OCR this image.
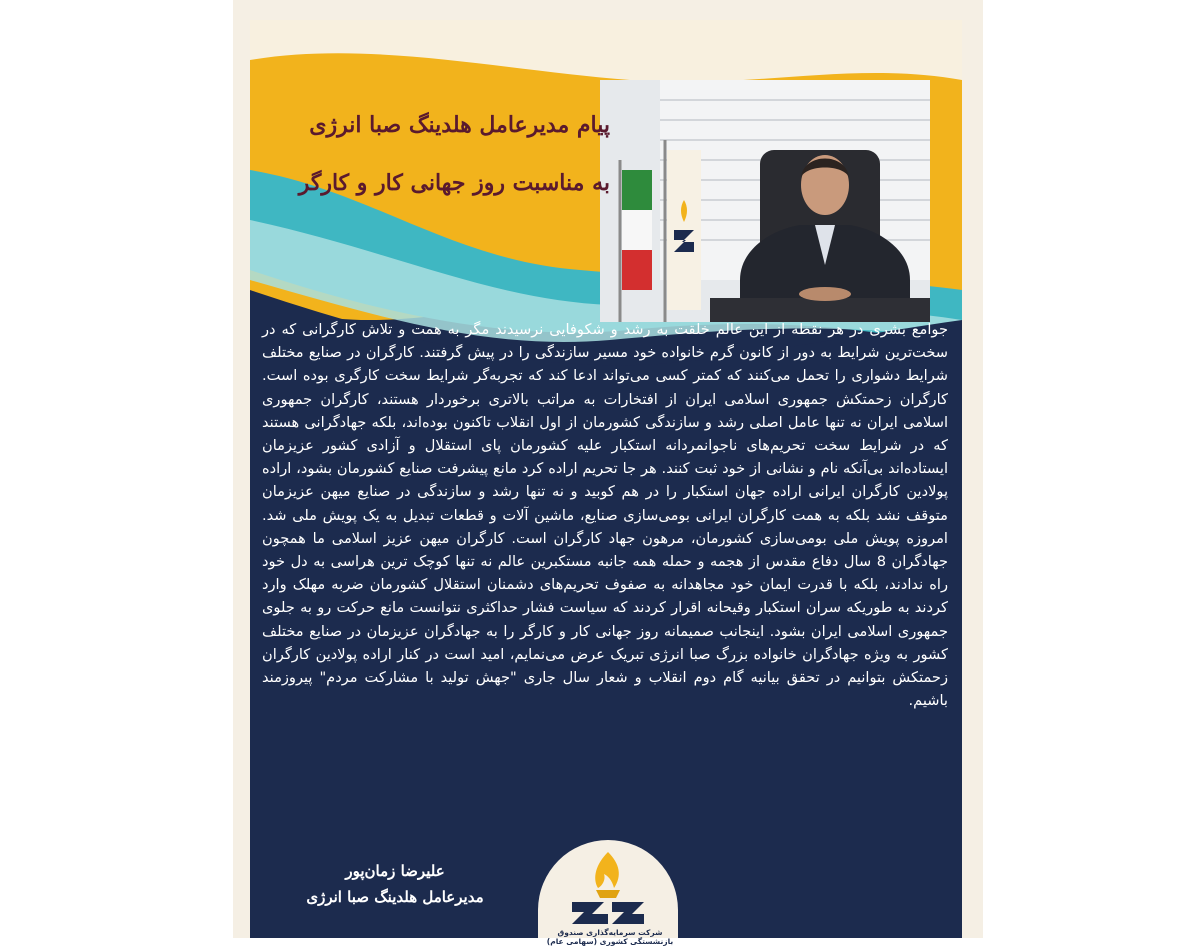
پیام مدیرعامل هلدینگ صبا انرژی
به مناسبت روز جهانی کار و کارگر

جوامع بشری در هر نقطه از این عالم خلقت به رشد و شکوفایی نرسیدند مگر به همت و تلاش کارگرانی که در سخت‌ترین شرایط به دور از کانون گرم خانواده خود مسیر سازندگی را در پیش گرفتند. کارگران در صنایع مختلف شرایط دشواری را تحمل می‌کنند که کمتر کسی می‌تواند ادعا کند که تجربه‌گر شرایط سخت کارگری بوده است. کارگران زحمتکش جمهوری اسلامی ایران از افتخارات به مراتب بالاتری برخوردار هستند، کارگران جمهوری اسلامی ایران نه تنها عامل اصلی رشد و سازندگی کشورمان از اول انقلاب تاکنون بوده‌اند، بلکه جهادگرانی هستند که در شرایط سخت تحریم‌های ناجوانمردانه استکبار علیه کشورمان پای استقلال و آزادی کشور عزیزمان ایستاده‌اند بی‌آنکه نام و نشانی از خود ثبت کنند. هر جا تحریم اراده کرد مانع پیشرفت صنایع کشورمان بشود، اراده پولادین کارگران ایرانی اراده جهان استکبار را در هم کوبید و نه تنها رشد و سازندگی در صنایع میهن عزیزمان متوقف نشد بلکه به همت کارگران ایرانی بومی‌سازی صنایع، ماشین آلات و قطعات تبدیل به یک پویش ملی شد. امروزه پویش ملی بومی‌سازی کشورمان، مرهون جهاد کارگران است. کارگران میهن عزیز اسلامی ما همچون جهادگران 8 سال دفاع مقدس از هجمه و حمله همه جانبه مستکبرین عالم نه تنها کوچک ترین هراسی به دل خود راه ندادند، بلکه با قدرت ایمان خود مجاهدانه به صفوف تحریم‌های دشمنان استقلال کشورمان ضربه مهلک وارد کردند به طوریکه سران استکبار وقیحانه اقرار کردند که سیاست فشار حداکثری نتوانست مانع حرکت رو به جلوی جمهوری اسلامی ایران بشود. اینجانب صمیمانه روز جهانی کار و کارگر را به جهادگران عزیزمان در صنایع مختلف کشور به ویژه جهادگران خانواده بزرگ صبا انرژی تبریک عرض می‌نمایم، امید است در کنار اراده پولادین کارگران زحمتکش بتوانیم در تحقق بیانیه گام دوم انقلاب و شعار سال جاری "جهش تولید با مشارکت مردم" پیروزمند باشیم.

علیرضا زمان‌پور
مدیرعامل هلدینگ صبا انرژی
شرکت سرمایه‌گذاری صندوق بازنشستگی کشوری (سهامی عام)
